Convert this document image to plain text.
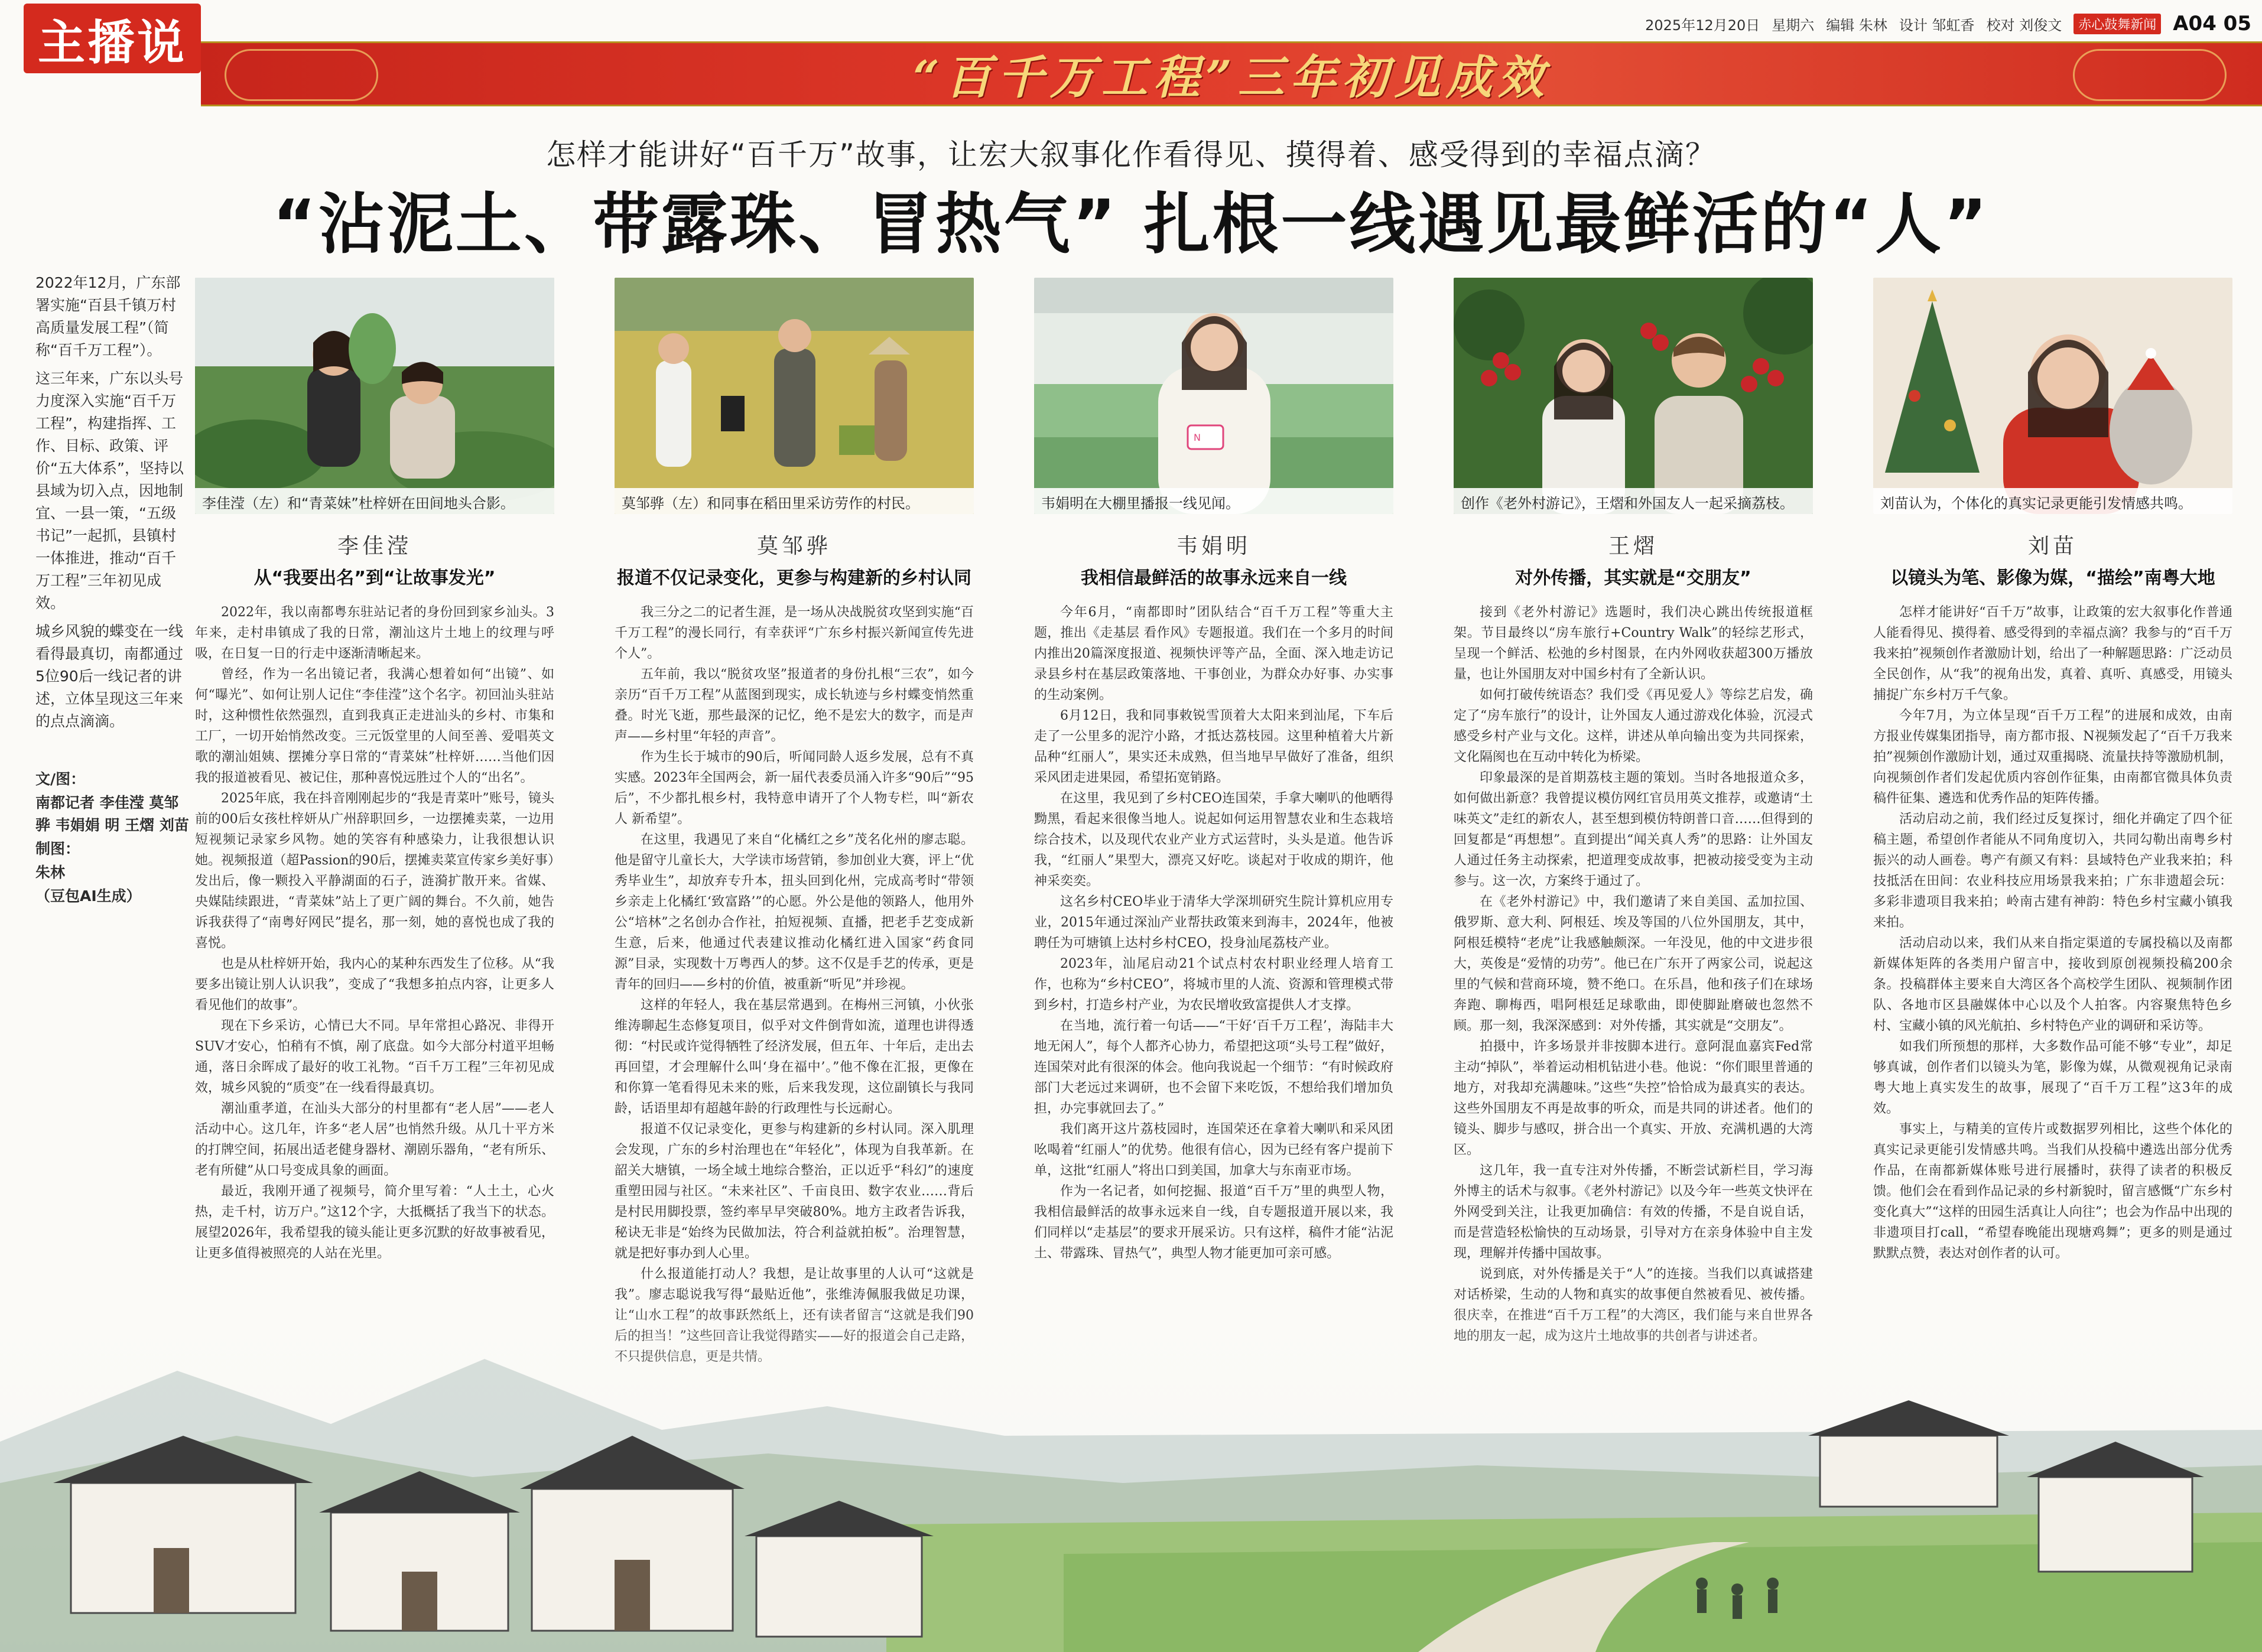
主播说	2025年12月20日 星期六 编辑 朱林 设计 邹虹香 校对 刘俊文	赤心鼓舞新闻 A04 05
“百千万工程”三年初见成效
怎样才能讲好“百千万”故事，让宏大叙事化作看得见、摸得着、感受得到的幸福点滴？
“沾泥土、带露珠、冒热气” 扎根一线遇见最鲜活的“人”

2022年12月，广东部署实施“百县千镇万村高质量发展工程”（简称“百千万工程”）。

这三年来，广东以头号力度深入实施“百千万工程”，构建指挥、工作、目标、政策、评价“五大体系”，坚持以县域为切入点，因地制宜、一县一策，“五级书记”一起抓，县镇村一体推进，推动“百千万工程”三年初见成效。

城乡风貌的蝶变在一线看得最真切，南都通过5位90后一线记者的讲述，立体呈现这三年来的点点滴滴。

文/图：
南都记者 李佳滢 莫邹骅 韦娟娟 明 王熠 刘苗
制图：
朱林
（豆包AI生成）
李佳滢（左）和“青菜妹”杜梓妍在田间地头合影。
李佳滢
从“我要出名”到“让故事发光”

2022年，我以南都粤东驻站记者的身份回到家乡汕头。3年来，走村串镇成了我的日常，潮汕这片土地上的纹理与呼吸，在日复一日的行走中逐渐清晰起来。

曾经，作为一名出镜记者，我满心想着如何“出镜”、如何“曝光”、如何让别人记住“李佳滢”这个名字。初回汕头驻站时，这种惯性依然强烈，直到我真正走进汕头的乡村、市集和工厂，一切开始悄然改变。三元饭堂里的人间至善、爱唱英文歌的潮汕姐姨、摆摊分享日常的“青菜妹”杜梓妍……当他们因我的报道被看见、被记住，那种喜悦远胜过个人的“出名”。

2025年底，我在抖音刚刚起步的“我是青菜叶”账号，镜头前的00后女孩杜梓妍从广州辞职回乡，一边摆摊卖菜，一边用短视频记录家乡风物。她的笑容有种感染力，让我很想认识她。视频报道（超Passion的90后，摆摊卖菜宣传家乡美好事）发出后，像一颗投入平静湖面的石子，涟漪扩散开来。省媒、央媒陆续跟进，“青菜妹”站上了更广阔的舞台。不久前，她告诉我获得了“南粤好网民”提名，那一刻，她的喜悦也成了我的喜悦。

也是从杜梓妍开始，我内心的某种东西发生了位移。从“我要多出镜让别人认识我”，变成了“我想多拍点内容，让更多人看见他们的故事”。

现在下乡采访，心情已大不同。早年常担心路况、非得开SUV才安心，怕稍有不慎，剐了底盘。如今大部分村道平坦畅通，落日余晖成了最好的收工礼物。“百千万工程”三年初见成效，城乡风貌的“质变”在一线看得最真切。

潮汕重孝道，在汕头大部分的村里都有“老人居”——老人活动中心。这几年，许多“老人居”也悄然升级。从几十平方米的打牌空间，拓展出适老健身器材、潮剧乐器角，“老有所乐、老有所健”从口号变成具象的画面。

最近，我刚开通了视频号，简介里写着：“人土土，心火热，走千村，访万户。”这12个字，大抵概括了我当下的状态。展望2026年，我希望我的镜头能让更多沉默的好故事被看见，让更多值得被照亮的人站在光里。

莫邹骅（左）和同事在稻田里采访劳作的村民。
莫邹骅
报道不仅记录变化，更参与构建新的乡村认同

我三分之二的记者生涯，是一场从决战脱贫攻坚到实施“百千万工程”的漫长同行，有幸获评“广东乡村振兴新闻宣传先进个人”。

五年前，我以“脱贫攻坚”报道者的身份扎根“三农”，如今亲历“百千万工程”从蓝图到现实，成长轨迹与乡村蝶变悄然重叠。时光飞逝，那些最深的记忆，绝不是宏大的数字，而是声声——乡村里“年轻的声音”。

作为生长于城市的90后，听闻同龄人返乡发展，总有不真实感。2023年全国两会，新一届代表委员涌入许多“90后”“95后”，不少都扎根乡村，我特意申请开了个人物专栏，叫“新农人 新希望”。

在这里，我遇见了来自“化橘红之乡”茂名化州的廖志聪。他是留守儿童长大，大学读市场营销，参加创业大赛，评上“优秀毕业生”，却放弃专升本，扭头回到化州，完成高考时“带领乡亲走上化橘红‘致富路’”的心愿。外公是他的领路人，他用外公“培林”之名创办合作社，拍短视频、直播，把老手艺变成新生意，后来，他通过代表建议推动化橘红进入国家“药食同源”目录，实现数十万粤西人的梦。这不仅是手艺的传承，更是青年的回归——乡村的价值，被重新“听见”并珍视。

这样的年轻人，我在基层常遇到。在梅州三河镇，小伙张维涛聊起生态修复项目，似乎对文件倒背如流，道理也讲得透彻：“村民或许觉得牺牲了经济发展，但五年、十年后，走出去再回望，才会理解什么叫‘身在福中’。”他不像在汇报，更像在和你算一笔看得见未来的账，后来我发现，这位副镇长与我同龄，话语里却有超越年龄的行政理性与长远耐心。

报道不仅记录变化，更参与构建新的乡村认同。深入肌理会发现，广东的乡村治理也在“年轻化”，体现为自我革新。在韶关大塘镇，一场全域土地综合整治，正以近乎“科幻”的速度重塑田园与社区。“未来社区”、千亩良田、数字农业……背后是村民用脚投票，签约率早早突破80%。地方主政者告诉我，秘诀无非是“始终为民做加法，符合利益就拍板”。治理智慧，就是把好事办到人心里。

什么报道能打动人？我想，是让故事里的人认可“这就是

N
韦娟明在大棚里播报一线见闻。
韦娟明
我相信最鲜活的故事永远来自一线

今年6月，“南都即时”团队结合“百千万工程”等重大主题，推出《走基层 看作风》专题报道。我们在一个多月的时间内推出20篇深度报道、视频快评等产品，全面、深入地走访记录县乡村在基层政策落地、干事创业，为群众办好事、办实事的生动案例。

6月12日，我和同事敕锐雪顶着大太阳来到汕尾，下车后走了一公里多的泥泞小路，才抵达荔枝园。这里种植着大片新品种“红丽人”，果实还未成熟，但当地早早做好了准备，组织采风团走进果园，希望拓宽销路。

在这里，我见到了乡村CEO连国荣，手拿大喇叭的他晒得黝黑，看起来很像当地人。说起如何运用智慧农业和生态栽培综合技术，以及现代农业产业方式运营时，头头是道。他告诉我，“红丽人”果型大，漂亮又好吃。谈起对于收成的期许，他神采奕奕。

这名乡村CEO毕业于清华大学深圳研究生院计算机应用专业，2015年通过深汕产业帮扶政策来到海丰，2024年，他被聘任为可塘镇上达村乡村CEO，投身汕尾荔枝产业。

2023年，汕尾启动21个试点村农村职业经理人培育工作，也称为“乡村CEO”，将城市里的人流、资源和管理模式带到乡村，打造乡村产业，为农民增收致富提供人才支撑。

在当地，流行着一句话——“干好‘百千万工程’，海陆丰大地无闲人”，每个人都齐心协力，希望把这项“头号工程”做好，连国荣对此有很深的体会。他向我说起一个细节：“有时候政府部门大老远过来调研，也不会留下来吃饭，不想给我们增加负担，办完事就回去了。”

我们离开这片荔枝园时，连国荣还在拿着大喇叭和采风团吆喝着“红丽人”的优势。他很有信心，因为已经有客户提前下单，这批“红丽人”将出口到美国，加拿大与东南亚市场。

作为一名记者，如何挖掘、报道“百千万”里的典型人物，我相信最鲜活的故事永远来自一线，自专题报道开展以来，我们同样以“走基层”的要求开展采访。只有这样，稿件才能“沾泥土、带露珠、冒热气”，典型人物才能更加可亲可感。

创作《老外村游记》，王熠和外国友人一起采摘荔枝。
王熠
对外传播，其实就是“交朋友”

接到《老外村游记》选题时，我们决心跳出传统报道框架。节目最终以“房车旅行+Country Walk”的轻综艺形式，呈现一个鲜活、松弛的乡村图景，在内外网收获超300万播放量，也让外国朋友对中国乡村有了全新认识。

如何打破传统语态？我们受《再见爱人》等综艺启发，确定了“房车旅行”的设计，让外国友人通过游戏化体验，沉浸式感受乡村产业与文化。这样，讲述从单向输出变为共同探索，文化隔阂也在互动中转化为桥梁。

印象最深的是首期荔枝主题的策划。当时各地报道众多，如何做出新意？我曾提议模仿网红官员用英文推荐，或邀请“土味英文”走红的新农人，甚至想到模仿特朗普口音……但得到的回复都是“再想想”。直到提出“闻关真人秀”的思路：让外国友人通过任务主动探索，把道理变成故事，把被动接受变为主动参与。这一次，方案终于通过了。

在《老外村游记》中，我们邀请了来自美国、孟加拉国、俄罗斯、意大利、阿根廷、埃及等国的八位外国朋友，其中，阿根廷模特“老虎”让我感触颇深。一年没见，他的中文进步很大，英俊是“爱情的功劳”。他已在广东开了两家公司，说起这里的气候和营商环境，赞不绝口。在乐昌，他和孩子们在球场奔跑、聊梅西，唱阿根廷足球歌曲，即使脚趾磨破也忽然不顾。那一刻，我深深感到：对外传播，其实就是“交朋友”。

拍摄中，许多场景并非按脚本进行。意阿混血嘉宾Fed常主动“掉队”，举着运动相机钻进小巷。他说：“你们眼里普通的地方，对我却充满趣味。”这些“失控”恰恰成为最真实的表达。这些外国朋友不再是故事的听众，而是共同的讲述者。他们的镜头、脚步与感叹，拼合出一个真实、开放、充满机遇的大湾区。

这几年，我一直专注对外传播，不断尝试新栏目，学习海外博主的话术与叙事。《老外村游记》以及今年一些英文快评在外网受到关注，让我更加确信：有效的传播，不是自说自话，而是营造轻松愉快的互动场景，引导对方在亲身体验中自主发现，理解并传播中国故事。

说到底，对外传播是关于“人”的连接。当我们以真诚搭建

刘苗认为，个体化的真实记录更能引发情感共鸣。
刘苗
以镜头为笔、影像为媒，“描绘”南粤大地

怎样才能讲好“百千万”故事，让政策的宏大叙事化作普通人能看得见、摸得着、感受得到的幸福点滴？我参与的“百千万我来拍”视频创作者激励计划，给出了一种解题思路：广泛动员全民创作，从“我”的视角出发，真着、真听、真感受，用镜头捕捉广东乡村万千气象。

今年7月，为立体呈现“百千万工程”的进展和成效，由南方报业传媒集团指导，南方都市报、N视频发起了“百千万我来拍”视频创作激励计划，通过双重揭晓、流量扶持等激励机制，向视频创作者们发起优质内容创作征集，由南都官微具体负责稿件征集、遴选和优秀作品的矩阵传播。

活动启动之前，我们经过反复探讨，细化并确定了四个征稿主题，希望创作者能从不同角度切入，共同勾勒出南粤乡村振兴的动人画卷。粤产有颜又有料：县域特色产业我来拍；科技抵活在田间：农业科技应用场景我来拍；广东非遗超会玩：多彩非遗项目我来拍；岭南古建有神韵：特色乡村宝藏小镇我来拍。

活动启动以来，我们从来自指定渠道的专属投稿以及南都新媒体矩阵的各类用户留言中，接收到原创视频投稿200余条。投稿群体主要来自大湾区各个高校学生团队、视频制作团队、各地市区县融媒体中心以及个人拍客。内容聚焦特色乡村、宝藏小镇的风光航拍、乡村特色产业的调研和采访等。

如我们所预想的那样，大多数作品可能不够“专业”，却足够真诚，创作者们以镜头为笔，影像为媒，从微观视角记录南粤大地上真实发生的故事，展现了“百千万工程”这3年的成效。

事实上，与精美的宣传片或数据罗列相比，这些个体化的真实记录更能引发情感共鸣。当我们从投稿中遴选出部分优秀作品，在南都新媒体账号进行展播时，获得了读者的积极反馈。他们会在看到作品记录的乡村新貌时，留言感慨“广东乡村变化真大”“这样的田园生活真让人向往”；也会为作品中出现的非遗项目打call，“希望春晚能出现塘鸡舞”；更多的则是通过默默点赞，表达对创作者的认可。
